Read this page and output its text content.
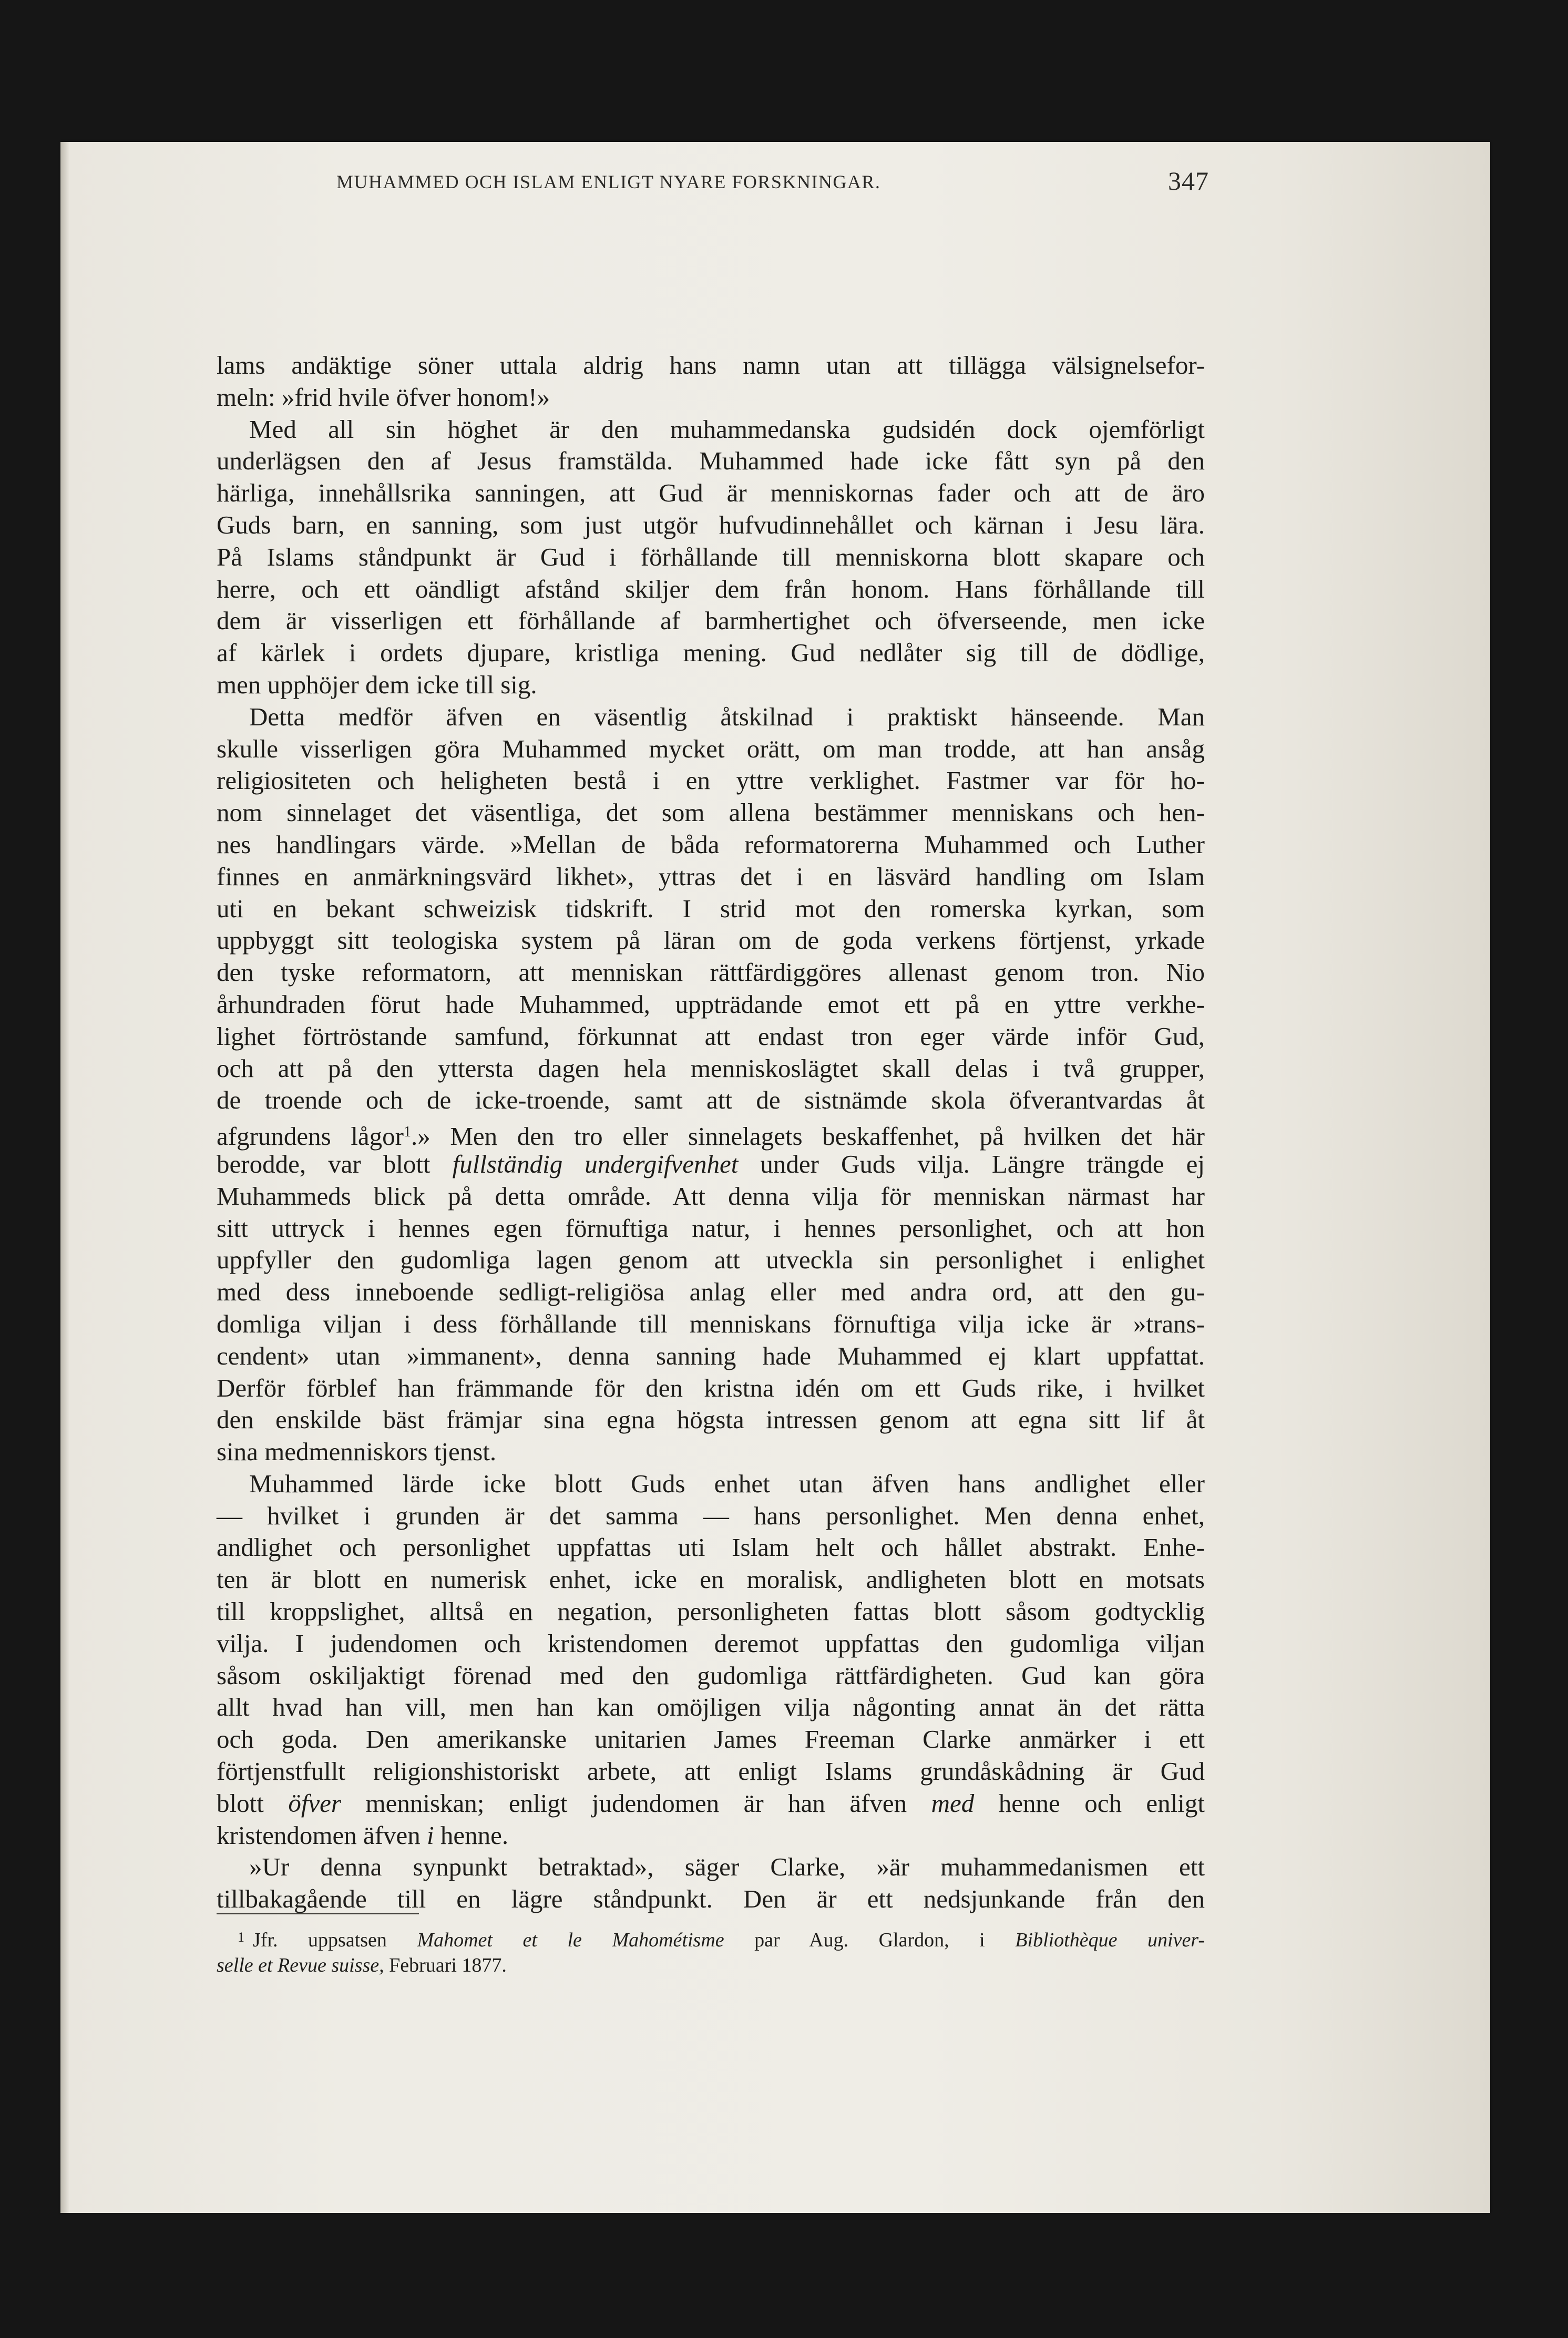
MUHAMMED OCH ISLAM ENLIGT NYARE FORSKNINGAR.	347
lams andäktige söner uttala aldrig hans namn utan att tillägga välsignelsefor-
meln: »frid hvile öfver honom!»
Med all sin höghet är den muhammedanska gudsidén dock ojemförligt
underlägsen den af Jesus framstälda. Muhammed hade icke fått syn på den
härliga, innehållsrika sanningen, att Gud är menniskornas fader och att de äro
Guds barn, en sanning, som just utgör hufvudinnehållet och kärnan i Jesu lära.
På Islams ståndpunkt är Gud i förhållande till menniskorna blott skapare och
herre, och ett oändligt afstånd skiljer dem från honom. Hans förhållande till
dem är visserligen ett förhållande af barmhertighet och öfverseende, men icke
af kärlek i ordets djupare, kristliga mening. Gud nedlåter sig till de dödlige,
men upphöjer dem icke till sig.
Detta medför äfven en väsentlig åtskilnad i praktiskt hänseende. Man
skulle visserligen göra Muhammed mycket orätt, om man trodde, att han ansåg
religiositeten och heligheten bestå i en yttre verklighet. Fastmer var för ho-
nom sinnelaget det väsentliga, det som allena bestämmer menniskans och hen-
nes handlingars värde. »Mellan de båda reformatorerna Muhammed och Luther
finnes en anmärkningsvärd likhet», yttras det i en läsvärd handling om Islam
uti en bekant schweizisk tidskrift. I strid mot den romerska kyrkan, som
uppbyggt sitt teologiska system på läran om de goda verkens förtjenst, yrkade
den tyske reformatorn, att menniskan rättfärdiggöres allenast genom tron. Nio
århundraden förut hade Muhammed, uppträdande emot ett på en yttre verkhe-
lighet förtröstande samfund, förkunnat att endast tron eger värde inför Gud,
och att på den yttersta dagen hela menniskoslägtet skall delas i två grupper,
de troende och de icke-troende, samt att de sistnämde skola öfverantvardas åt
afgrundens lågor$^1$.» Men den tro eller sinnelagets beskaffenhet, på hvilken det här
berodde, var blott fullständig undergifvenhet under Guds vilja. Längre trängde ej
Muhammeds blick på detta område. Att denna vilja för menniskan närmast har
sitt uttryck i hennes egen förnuftiga natur, i hennes personlighet, och att hon
uppfyller den gudomliga lagen genom att utveckla sin personlighet i enlighet
med dess inneboende sedligt-religiösa anlag eller med andra ord, att den gu-
domliga viljan i dess förhållande till menniskans förnuftiga vilja icke är »trans-
cendent» utan »immanent», denna sanning hade Muhammed ej klart uppfattat.
Derför förblef han främmande för den kristna idén om ett Guds rike, i hvilket
den enskilde bäst främjar sina egna högsta intressen genom att egna sitt lif åt
sina medmenniskors tjenst.
Muhammed lärde icke blott Guds enhet utan äfven hans andlighet eller
— hvilket i grunden är det samma — hans personlighet. Men denna enhet,
andlighet och personlighet uppfattas uti Islam helt och hållet abstrakt. Enhe-
ten är blott en numerisk enhet, icke en moralisk, andligheten blott en motsats
till kroppslighet, alltså en negation, personligheten fattas blott såsom godtycklig
vilja. I judendomen och kristendomen deremot uppfattas den gudomliga viljan
såsom oskiljaktigt förenad med den gudomliga rättfärdigheten. Gud kan göra
allt hvad han vill, men han kan omöjligen vilja någonting annat än det rätta
och goda. Den amerikanske unitarien James Freeman Clarke anmärker i ett
förtjenstfullt religionshistoriskt arbete, att enligt Islams grundåskådning är Gud
blott öfver menniskan; enligt judendomen är han äfven med henne och enligt
kristendomen äfven i henne.
»Ur denna synpunkt betraktad», säger Clarke, »är muhammedanismen ett
tillbakagående till en lägre ståndpunkt. Den är ett nedsjunkande från den
$^1$ Jfr. uppsatsen Mahomet et le Mahométisme par Aug. Glardon, i Bibliothèque univer-
selle et Revue suisse, Februari 1877.
